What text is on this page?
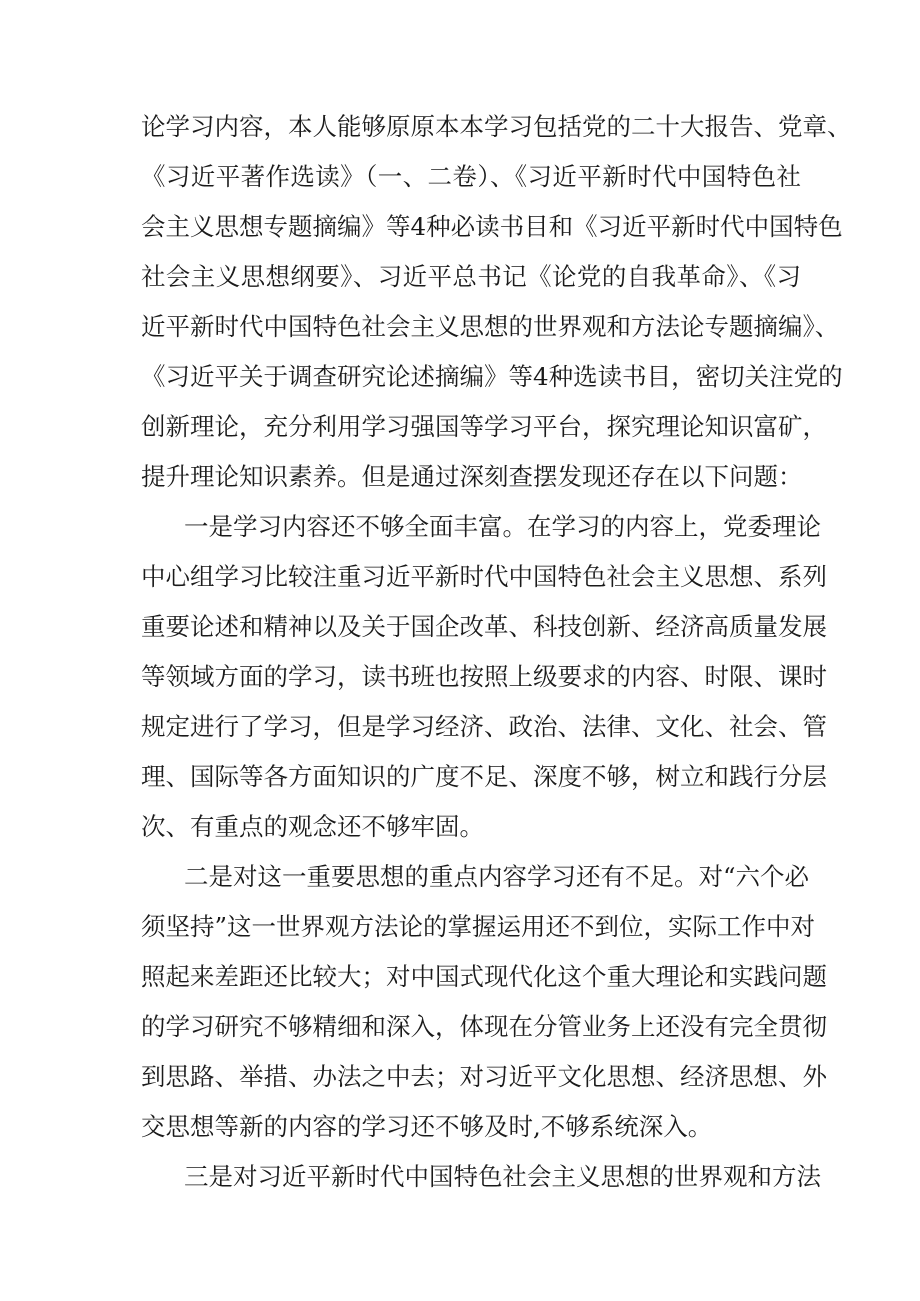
论学习内容，本人能够原原本本学习包括党的二十大报告、党章、
《习近平著作选读》（一、二卷）、《习近平新时代中国特色社
会主义思想专题摘编》等4种必读书目和《习近平新时代中国特色
社会主义思想纲要》、习近平总书记《论党的自我革命》、《习
近平新时代中国特色社会主义思想的世界观和方法论专题摘编》、
《习近平关于调查研究论述摘编》等4种选读书目，密切关注党的
创新理论，充分利用学习强国等学习平台，探究理论知识富矿，
提升理论知识素养。但是通过深刻查摆发现还存在以下问题：
一是学习内容还不够全面丰富。在学习的内容上，党委理论
中心组学习比较注重习近平新时代中国特色社会主义思想、系列
重要论述和精神以及关于国企改革、科技创新、经济高质量发展
等领域方面的学习，读书班也按照上级要求的内容、时限、课时
规定进行了学习，但是学习经济、政治、法律、文化、社会、管
理、国际等各方面知识的广度不足、深度不够，树立和践行分层
次、有重点的观念还不够牢固。
二是对这一重要思想的重点内容学习还有不足。对“六个必
须坚持”这一世界观方法论的掌握运用还不到位，实际工作中对
照起来差距还比较大；对中国式现代化这个重大理论和实践问题
的学习研究不够精细和深入，体现在分管业务上还没有完全贯彻
到思路、举措、办法之中去；对习近平文化思想、经济思想、外
交思想等新的内容的学习还不够及时,不够系统深入。
三是对习近平新时代中国特色社会主义思想的世界观和方法
